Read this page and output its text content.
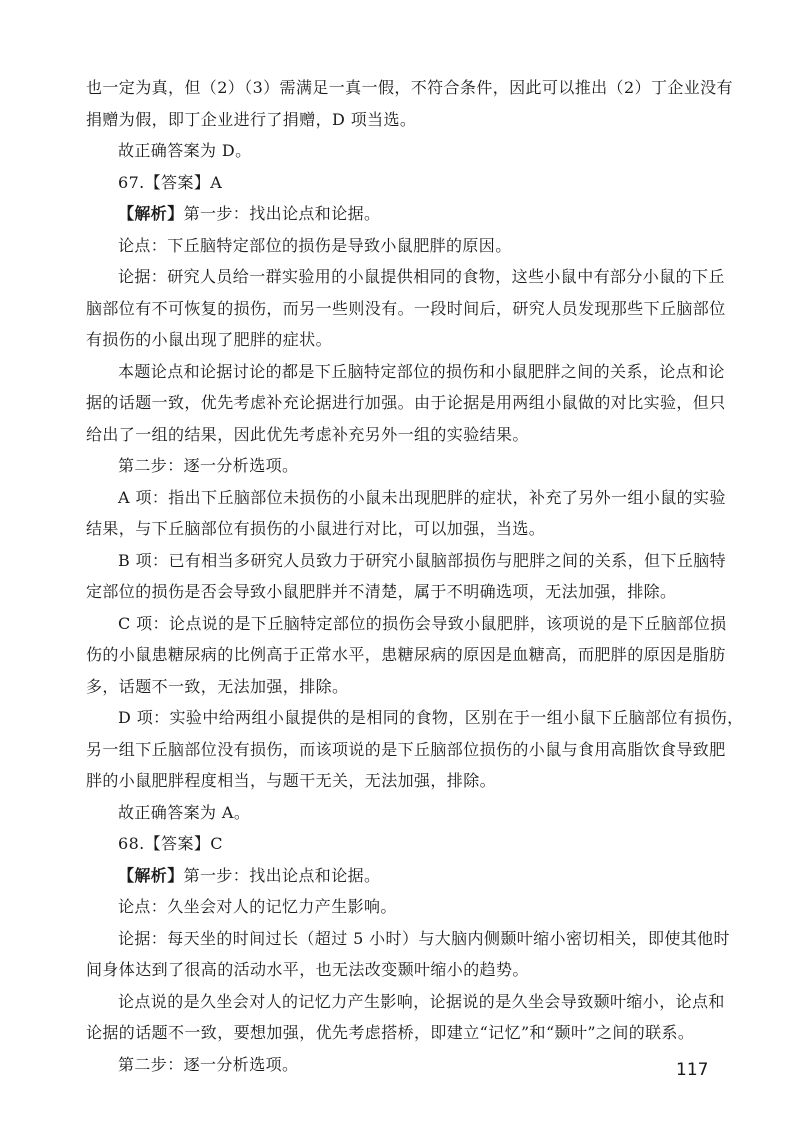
也一定为真，但（2）（3）需满足一真一假，不符合条件，因此可以推出（2）丁企业没有
捐赠为假，即丁企业进行了捐赠，D 项当选。
故正确答案为 D。
67.【答案】A
【解析】第一步：找出论点和论据。
论点：下丘脑特定部位的损伤是导致小鼠肥胖的原因。
论据：研究人员给一群实验用的小鼠提供相同的食物，这些小鼠中有部分小鼠的下丘
脑部位有不可恢复的损伤，而另一些则没有。一段时间后，研究人员发现那些下丘脑部位
有损伤的小鼠出现了肥胖的症状。
本题论点和论据讨论的都是下丘脑特定部位的损伤和小鼠肥胖之间的关系，论点和论
据的话题一致，优先考虑补充论据进行加强。由于论据是用两组小鼠做的对比实验，但只
给出了一组的结果，因此优先考虑补充另外一组的实验结果。
第二步：逐一分析选项。
A 项：指出下丘脑部位未损伤的小鼠未出现肥胖的症状，补充了另外一组小鼠的实验
结果，与下丘脑部位有损伤的小鼠进行对比，可以加强，当选。
B 项：已有相当多研究人员致力于研究小鼠脑部损伤与肥胖之间的关系，但下丘脑特
定部位的损伤是否会导致小鼠肥胖并不清楚，属于不明确选项，无法加强，排除。
C 项：论点说的是下丘脑特定部位的损伤会导致小鼠肥胖，该项说的是下丘脑部位损
伤的小鼠患糖尿病的比例高于正常水平，患糖尿病的原因是血糖高，而肥胖的原因是脂肪
多，话题不一致，无法加强，排除。
D 项：实验中给两组小鼠提供的是相同的食物，区别在于一组小鼠下丘脑部位有损伤，
另一组下丘脑部位没有损伤，而该项说的是下丘脑部位损伤的小鼠与食用高脂饮食导致肥
胖的小鼠肥胖程度相当，与题干无关，无法加强，排除。
故正确答案为 A。
68.【答案】C
【解析】第一步：找出论点和论据。
论点：久坐会对人的记忆力产生影响。
论据：每天坐的时间过长（超过 5 小时）与大脑内侧颞叶缩小密切相关，即使其他时
间身体达到了很高的活动水平，也无法改变颞叶缩小的趋势。
论点说的是久坐会对人的记忆力产生影响，论据说的是久坐会导致颞叶缩小，论点和
论据的话题不一致，要想加强，优先考虑搭桥，即建立“记忆”和“颞叶”之间的联系。
第二步：逐一分析选项。	117
